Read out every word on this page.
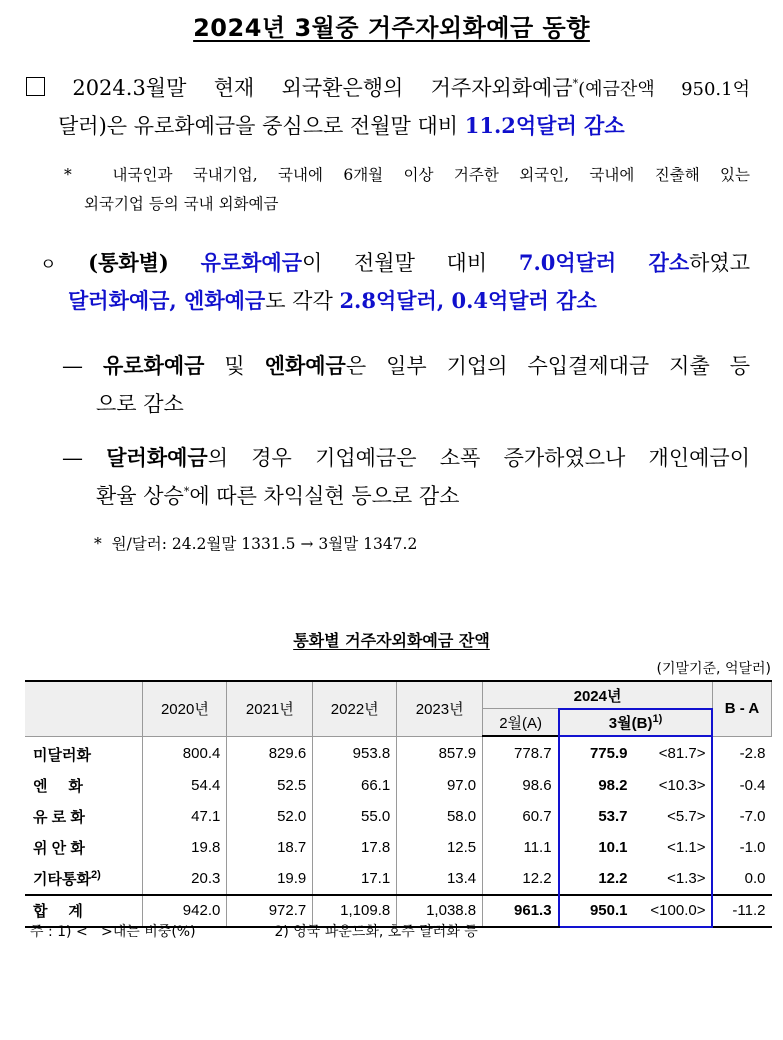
2024년 3월중 거주자외화예금 동향
2024.3월말 현재 외국환은행의 거주자외화예금*(예금잔액 950.1억
달러)은 유로화예금을 중심으로 전월말 대비 11.2억달러 감소
*	내국인과 국내기업, 국내에 6개월 이상 거주한 외국인, 국내에 진출해 있는
외국기업 등의 국내 외화예금
ㅇ (통화별) 유로화예금이 전월말 대비 7.0억달러 감소하였고
달러화예금, 엔화예금도 각각 2.8억달러, 0.4억달러 감소
— 유로화예금 및 엔화예금은 일부 기업의 수입결제대금 지출 등
으로 감소
— 달러화예금의 경우 기업예금은 소폭 증가하였으나 개인예금이
환율 상승*에 따른 차익실현 등으로 감소
* 원/달러: 24.2월말 1331.5 → 3월말 1347.2
통화별 거주자외화예금 잔액
(기말기준, 억달러)
	2020년	2021년	2022년	2023년	2024년			B - A
					2월(A)	3월$(B)^{1)}$
미달러화	800.4	829.6	953.8	857.9	778.7	775.9	<81.7>	-2.8
엔     화	54.4	52.5	66.1	97.0	98.6	98.2	<10.3>	-0.4
유 로 화	47.1	52.0	55.0	58.0	60.7	53.7	<5.7>	-7.0
위 안 화	19.8	18.7	17.8	12.5	11.1	10.1	<1.1>	-1.0
기타통화$^{2)}$	20.3	19.9	17.1	13.4	12.2	12.2	<1.3>	0.0
합     계	942.0	972.7	1,109.8	1,038.8	961.3	950.1	<100.0>	-11.2
주 : 1) <   >내는 비중(%)	2) 영국 파운드화, 호주 달러화 등
